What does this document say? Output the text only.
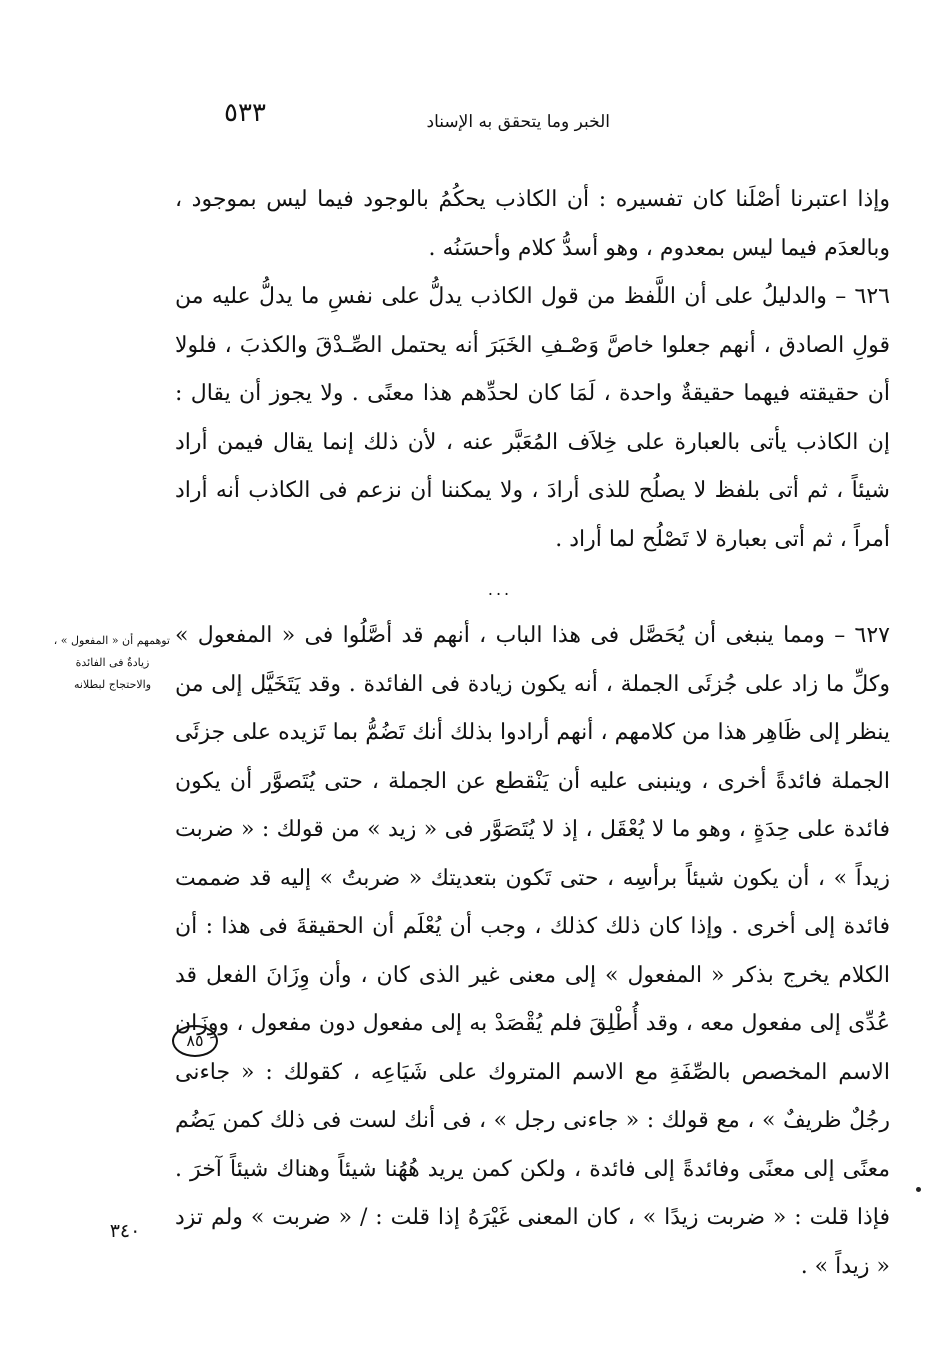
الخبر وما يتحقق به الإسناد
٥٣٣

وإذا اعتبرنا أصْلَنا كان تفسيره : أن الكاذب يحكُمُ بالوجود فيما ليس بموجود ، وبالعدَم فيما ليس بمعدوم ، وهو أسدُّ كلام وأحسَنُه .

٦٢٦ – والدليلُ على أن اللَّفظ من قول الكاذب يدلُّ على نفسِ ما يدلُّ عليه من قولِ الصادق ، أنهم جعلوا خاصَّ وَصْـفِ الخَبَرَ أنه يحتمل الصِّـدْقَ والكذبَ ، فلولا أن حقيقته فيهما حقيقةٌ واحدة ، لَمَا كان لحدِّهم هذا معنًى . ولا يجوز أن يقال : إن الكاذب يأتى بالعبارة على خِلاَف المُعَبَّر عنه ، لأن ذلك إنما يقال فيمن أراد شيئاً ، ثم أتى بلفظ لا يصلُح للذى أرادَ ، ولا يمكننا أن نزعم فى الكاذب أنه أراد أمراً ، ثم أتى بعبارة لا تَصْلُح لما أراد .

...
توهمهم أن « المفعول » ،
زيادةٌ فى الفائدة
والاحتجاج لبطلانه

٦٢٧ – ومما ينبغى أن يُحَصَّل فى هذا الباب ، أنهم قد أصَّلُوا فى « المفعول » وكلِّ ما زاد على جُزئَى الجملة ، أنه يكون زيادة فى الفائدة . وقد يَتَخَيَّل إلى من ينظر إلى ظَاهِر هذا من كلامهم ، أنهم أرادوا بذلك أنك تَضُمُّ بما تَزيده على جزئَى الجملة فائدةً أخرى ، وينبنى عليه أن يَنْقطع عن الجملة ، حتى يُتَصوَّر أن يكون فائدة على حِدَةٍ ، وهو ما لا يُعْقَل ، إذ لا يُتَصَوَّر فى « زيد » من قولك : « ضربت زيداً » ، أن يكون شيئاً برأسِه ، حتى تَكون بتعديتك « ضربتُ » إليه قد ضممت فائدة إلى أخرى . وإذا كان ذلك كذلك ، وجب أن يُعْلَم أن الحقيقةَ فى هذا : أن الكلام يخرج بذكر « المفعول » إلى معنى غير الذى كان ، وأن وِزَانَ الفعل قد عُدِّى إلى مفعول معه ، وقد أُطْلِقَ فلم يُقْصَدْ به إلى مفعول دون مفعول ، ووِزَان الاسم المخصص بالصِّفَةِ مع الاسم المتروك على شَيَاعِه ، كقولك : « جاءنى رجُلٌ ظريفٌ » ، مع قولك : « جاءنى رجل » ، فى أنك لست فى ذلك كمن يَضُم معنًى إلى معنًى وفائدةً إلى فائدة ، ولكن كمن يريد هُهُنا شيئاً وهناك شيئاً آخرَ . فإذا قلت : « ضربت زيدًا » ، كان المعنى غَيْرَهُ إذا قلت : / « ضربت » ولم تزد « زيداً » .

٨٥
٣٤٠
